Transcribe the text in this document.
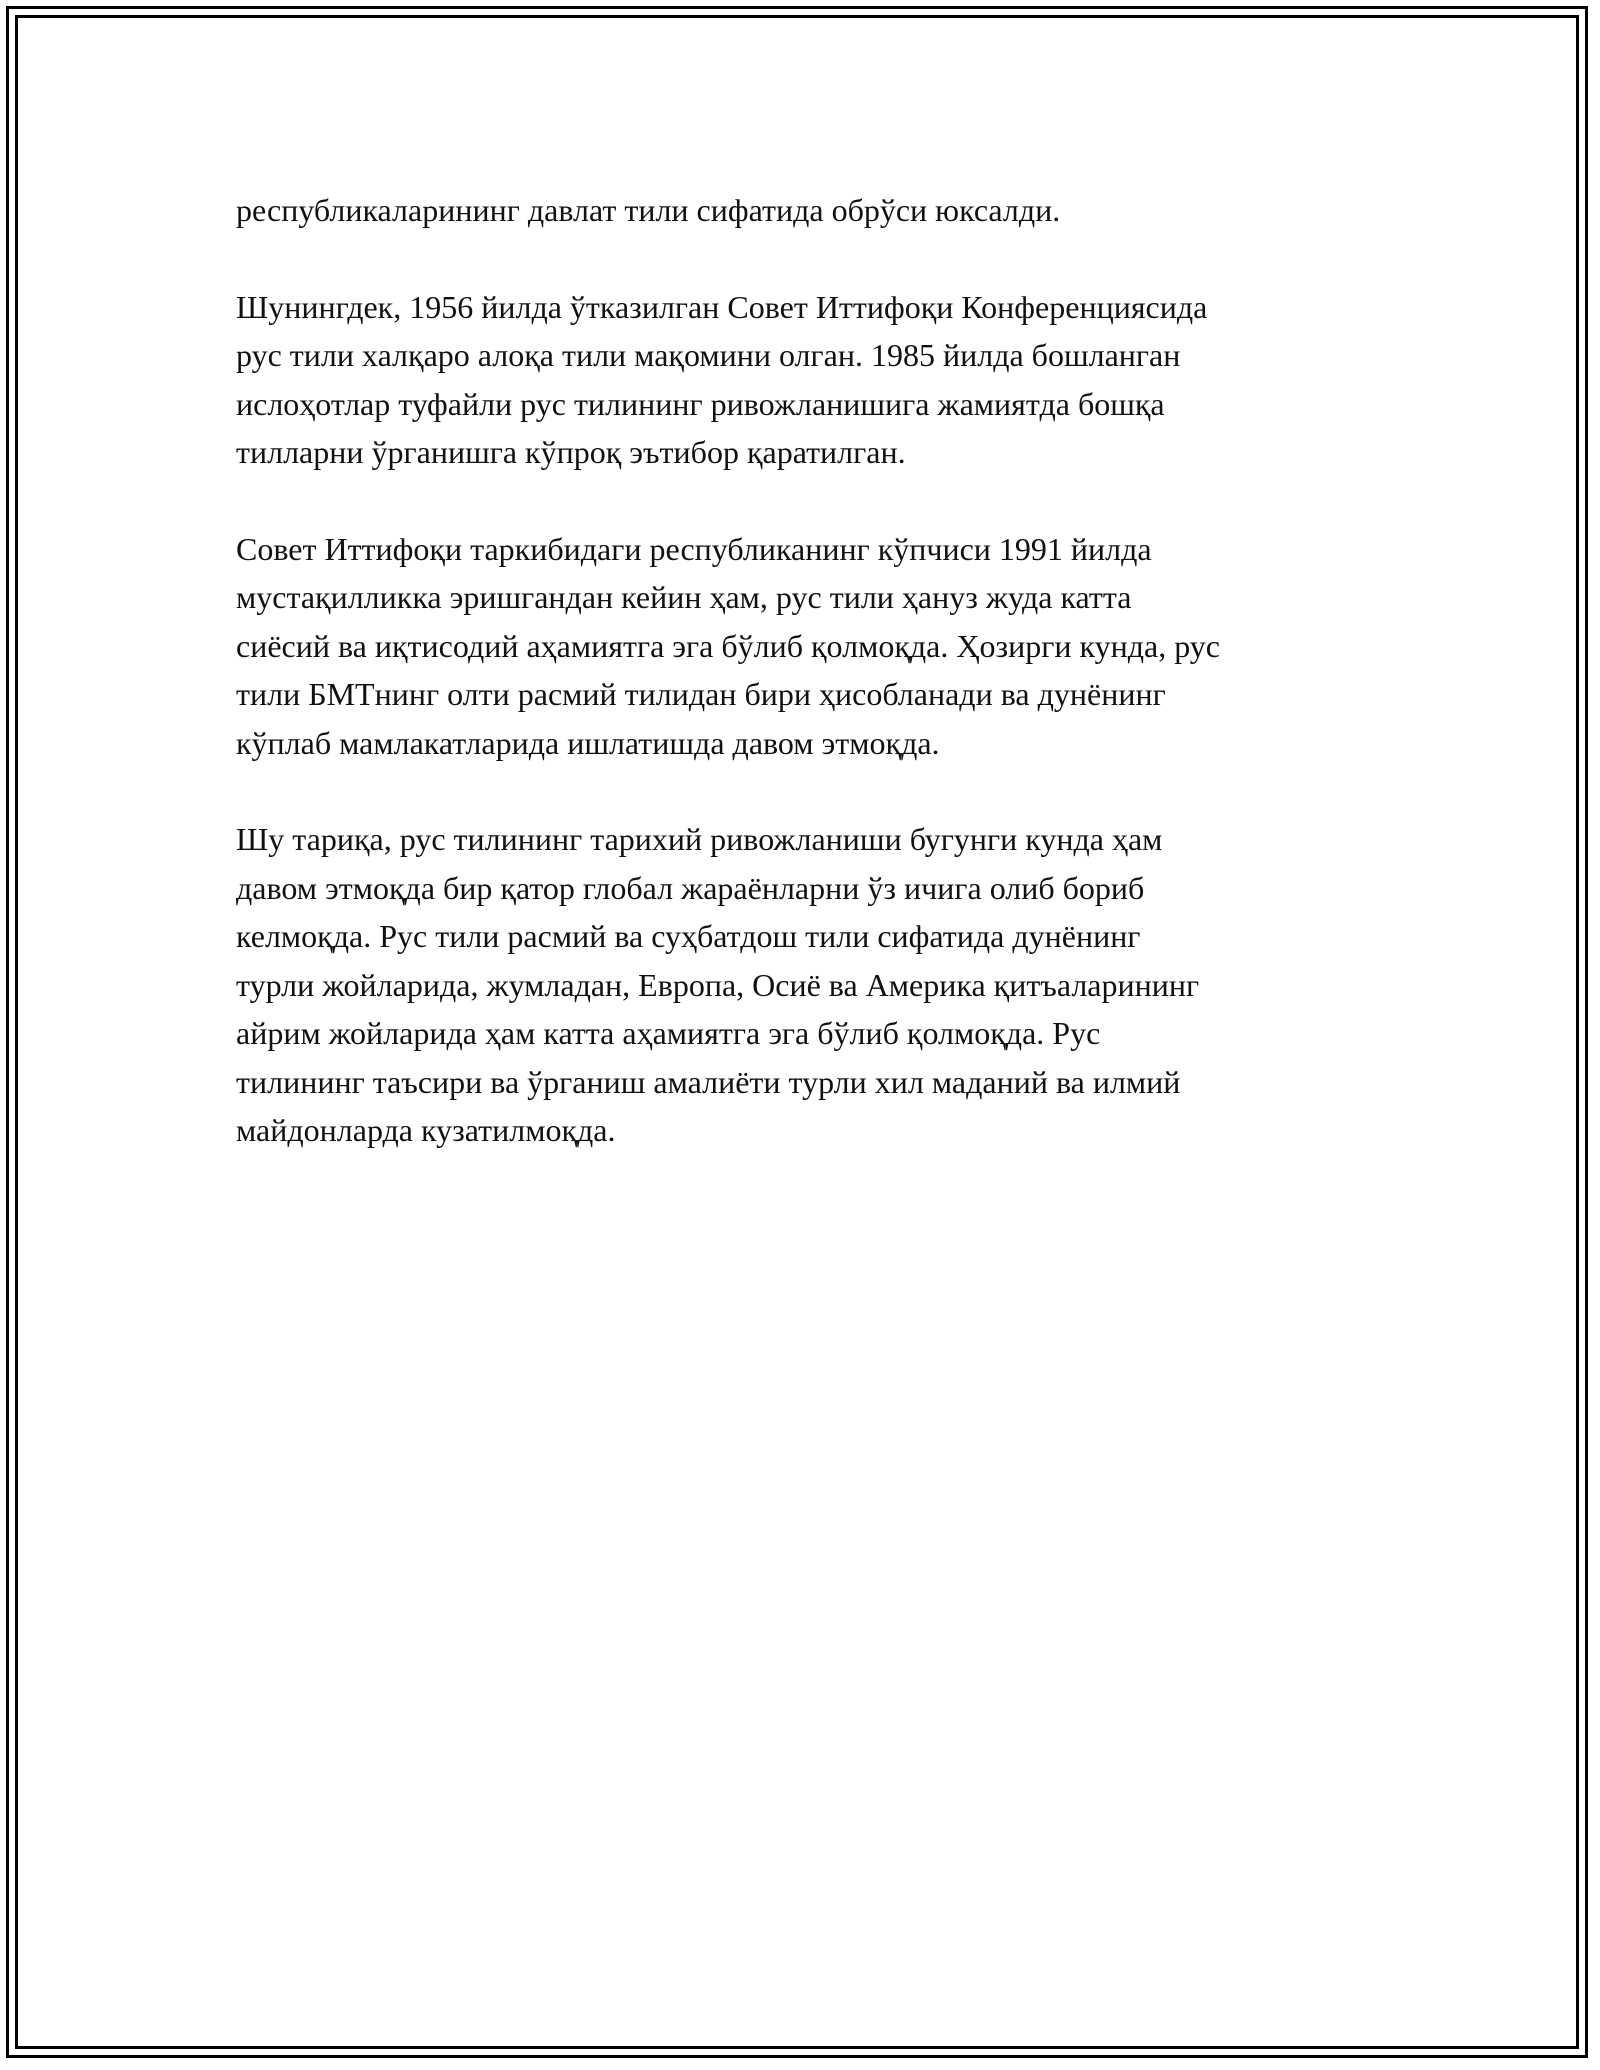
республикаларининг давлат тили сифатида обрўси юксалди.

Шунингдек, 1956 йилда ўтказилган Совет Иттифоқи Конференциясида
рус тили халқаро алоқа тили мақомини олган. 1985 йилда бошланган
ислоҳотлар туфайли рус тилининг ривожланишига жамиятда бошқа
тилларни ўрганишга кўпроқ эътибор қаратилган.

Совет Иттифоқи таркибидаги республиканинг кўпчиси 1991 йилда
мустақилликка эришгандан кейин ҳам, рус тили ҳануз жуда катта
сиёсий ва иқтисодий аҳамиятга эга бўлиб қолмоқда. Ҳозирги кунда, рус
тили БМТнинг олти расмий тилидан бири ҳисобланади ва дунёнинг
кўплаб мамлакатларида ишлатишда давом этмоқда.

Шу тариқа, рус тилининг тарихий ривожланиши бугунги кунда ҳам
давом этмоқда бир қатор глобал жараёнларни ўз ичига олиб бориб
келмоқда. Рус тили расмий ва суҳбатдош тили сифатида дунёнинг
турли жойларида, жумладан, Европа, Осиё ва Америка қитъаларининг
айрим жойларида ҳам катта аҳамиятга эга бўлиб қолмоқда. Рус
тилининг таъсири ва ўрганиш амалиёти турли хил маданий ва илмий
майдонларда кузатилмоқда.
